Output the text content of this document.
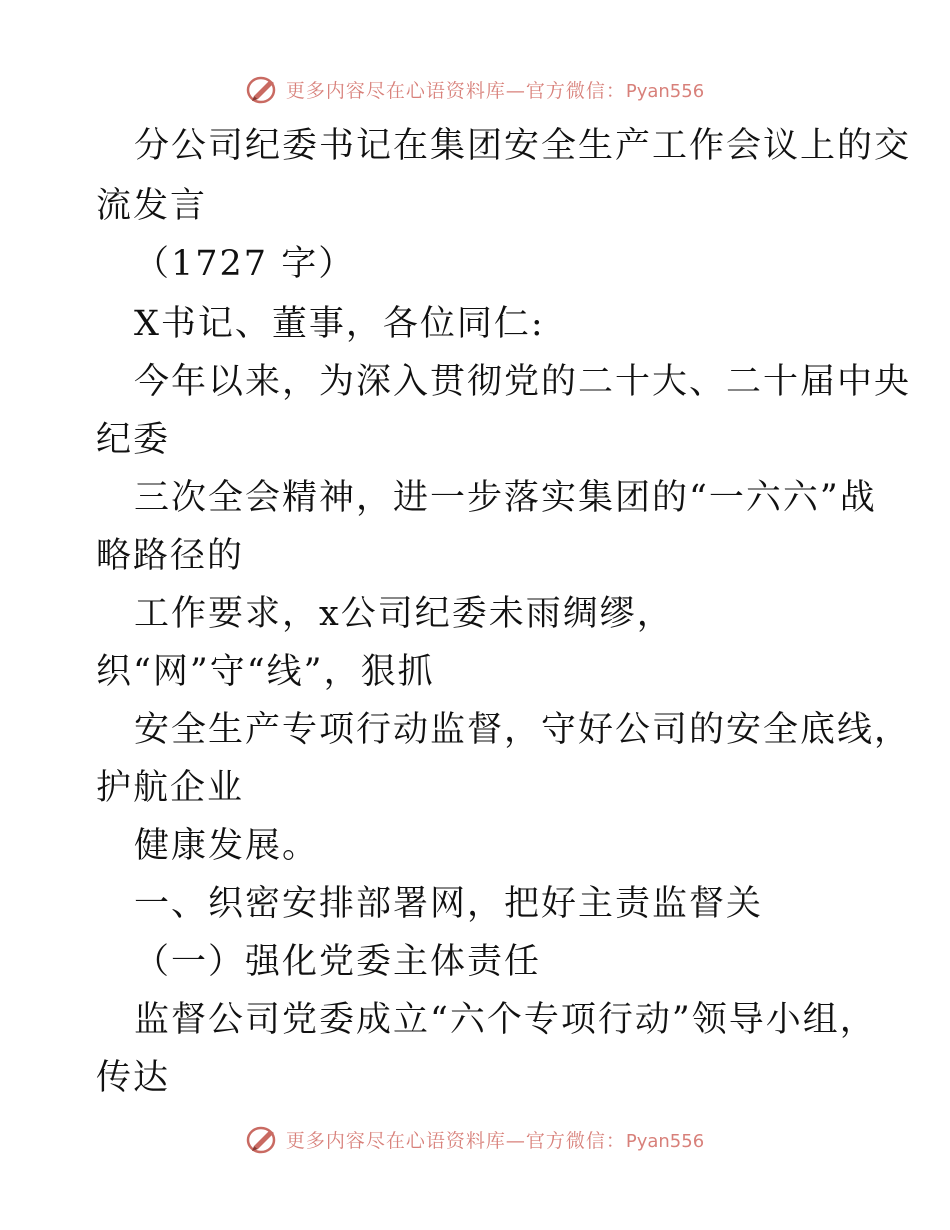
更多内容尽在心语资料库—官方微信：Pyan556
分公司纪委书记在集团安全生产工作会议上的交
流发言
（1727 字）
X书记、董事，各位同仁:
今年以来，为深入贯彻党的二十大、二十届中央
纪委
三次全会精神，进一步落实集团的“一六六”战
略路径的
工作要求，x公司纪委未雨绸缪，
织“网”守“线”，狠抓
安全生产专项行动监督，守好公司的安全底线，
护航企业
健康发展。
一、织密安排部署网，把好主责监督关
（一）强化党委主体责任
监督公司党委成立“六个专项行动”领导小组，
传达
更多内容尽在心语资料库—官方微信：Pyan556
